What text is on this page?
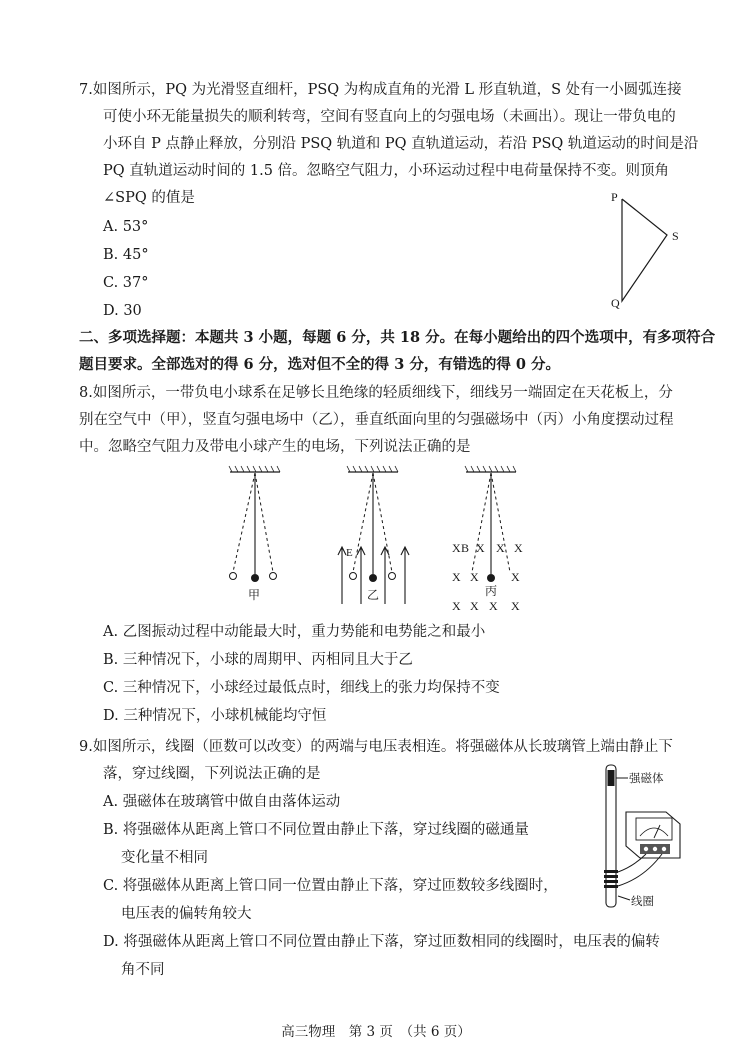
7.如图所示，PQ 为光滑竖直细杆，PSQ 为构成直角的光滑 L 形直轨道，S 处有一小圆弧连接
可使小环无能量损失的顺利转弯，空间有竖直向上的匀强电场（未画出）。现让一带负电的
小环自 P 点静止释放，分别沿 PSQ 轨道和 PQ 直轨道运动，若沿 PSQ 轨道运动的时间是沿
PQ 直轨道运动时间的 1.5 倍。忽略空气阻力，小环运动过程中电荷量保持不变。则顶角
∠SPQ 的值是
A. 53°
B. 45°
C. 37°
D. 30
P
S
Q
二、多项选择题：本题共 3 小题，每题 6 分，共 18 分。在每小题给出的四个选项中，有多项符合
题目要求。全部选对的得 6 分，选对但不全的得 3 分，有错选的得 0 分。
8.如图所示，一带负电小球系在足够长且绝缘的轻质细线下，细线另一端固定在天花板上，分
别在空气中（甲），竖直匀强电场中（乙），垂直纸面向里的匀强磁场中（丙）小角度摆动过程
中。忽略空气阻力及带电小球产生的电场，下列说法正确的是
甲
E
乙
X B X X X
X X	X
X X X X
丙
A. 乙图振动过程中动能最大时，重力势能和电势能之和最小
B. 三种情况下，小球的周期甲、丙相同且大于乙
C. 三种情况下，小球经过最低点时，细线上的张力均保持不变
D. 三种情况下，小球机械能均守恒
9.如图所示，线圈（匝数可以改变）的两端与电压表相连。将强磁体从长玻璃管上端由静止下
落，穿过线圈，下列说法正确的是
A. 强磁体在玻璃管中做自由落体运动
B. 将强磁体从距离上管口不同位置由静止下落，穿过线圈的磁通量
变化量不相同
C. 将强磁体从距离上管口同一位置由静止下落，穿过匝数较多线圈时，
电压表的偏转角较大
D. 将强磁体从距离上管口不同位置由静止下落，穿过匝数相同的线圈时，电压表的偏转
角不同
强磁体
线圈
高三物理　第 3 页　（共 6 页）
